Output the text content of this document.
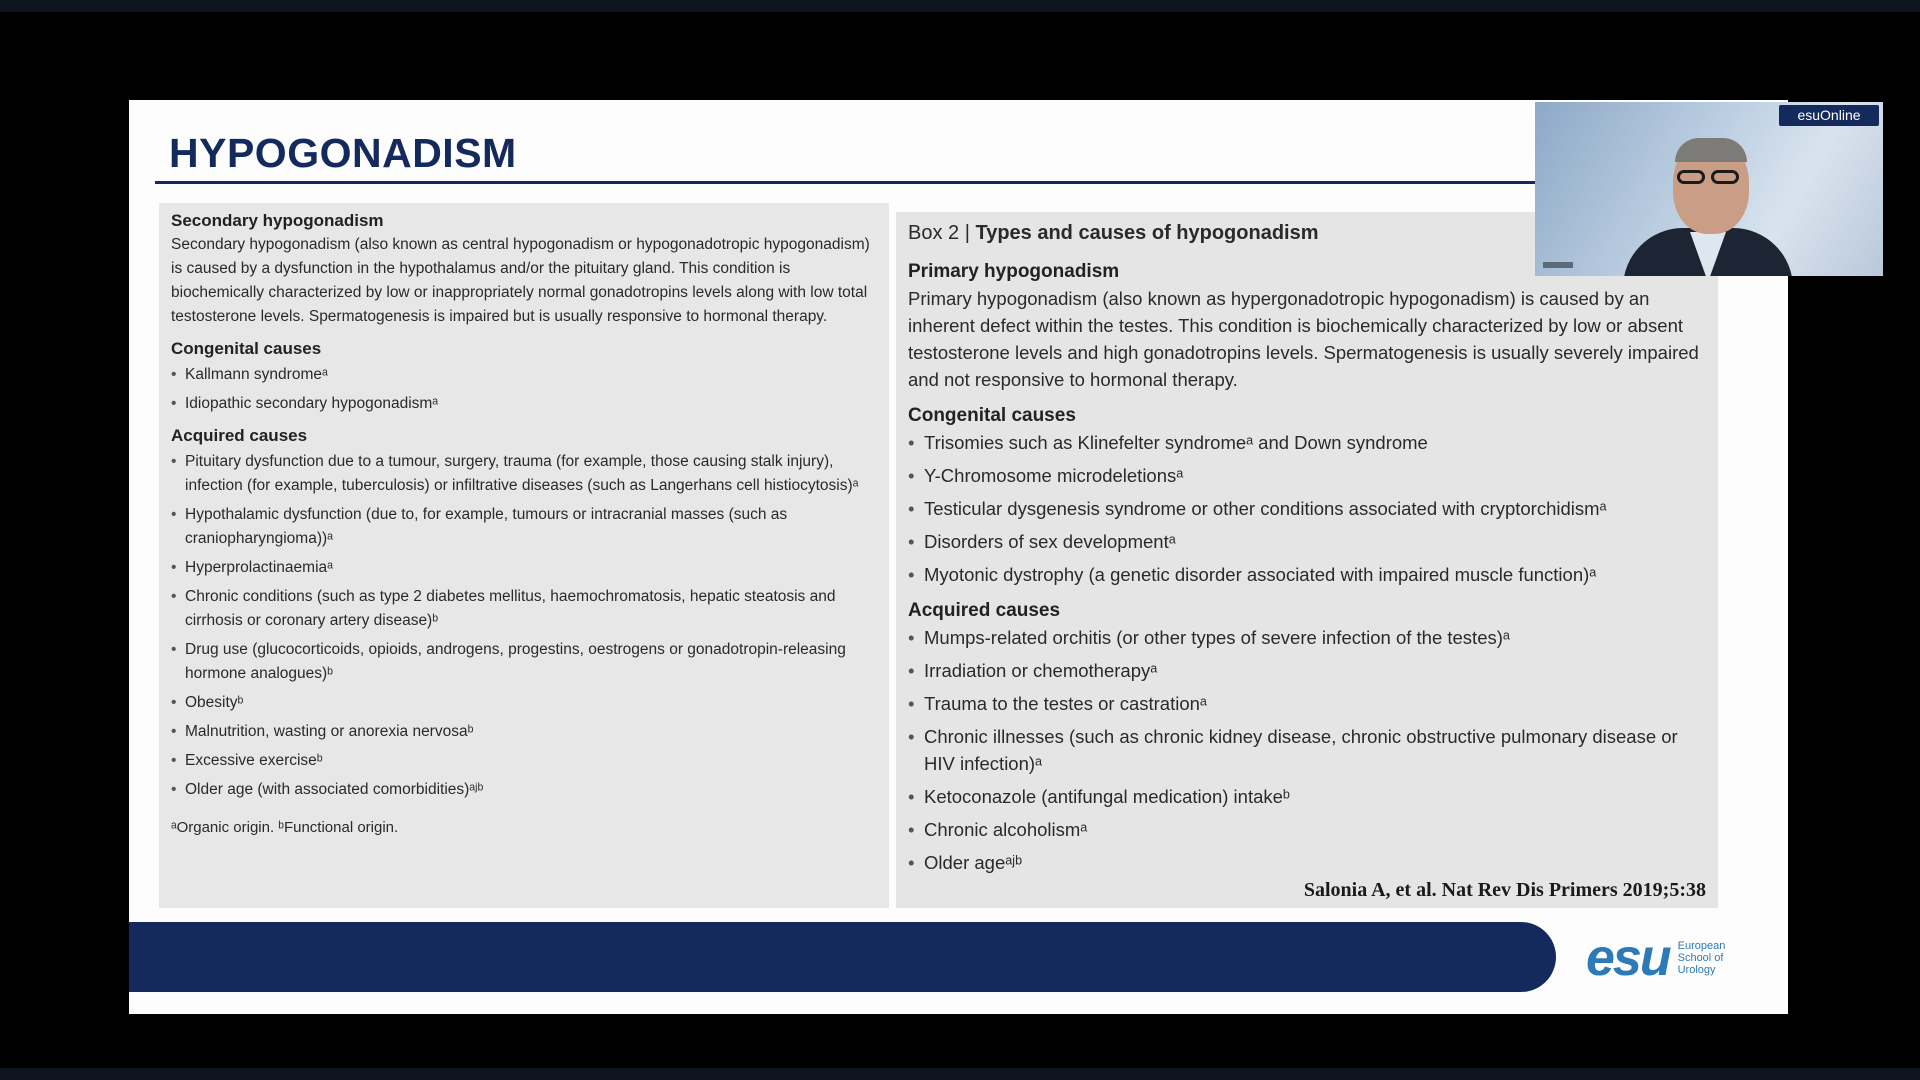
HYPOGONADISM
Secondary hypogonadism

Secondary hypogonadism (also known as central hypogonadism or hypogonadotropic hypogonadism) is caused by a dysfunction in the hypothalamus and/or the pituitary gland. This condition is biochemically characterized by low or inappropriately normal gonadotropins levels along with low total testosterone levels. Spermatogenesis is impaired but is usually responsive to hormonal therapy.

Congenital causes
• Kallmann syndromeᵃ
• Idiopathic secondary hypogonadismᵃ
Acquired causes
• Pituitary dysfunction due to a tumour, surgery, trauma (for example, those causing stalk injury), infection (for example, tuberculosis) or infiltrative diseases (such as Langerhans cell histiocytosis)ᵃ
• Hypothalamic dysfunction (due to, for example, tumours or intracranial masses (such as craniopharyngioma))ᵃ
• Hyperprolactinaemiaᵃ
• Chronic conditions (such as type 2 diabetes mellitus, haemochromatosis, hepatic steatosis and cirrhosis or coronary artery disease)ᵇ
• Drug use (glucocorticoids, opioids, androgens, progestins, oestrogens or gonadotropin-releasing hormone analogues)ᵇ
• Obesityᵇ
• Malnutrition, wasting or anorexia nervosaᵇ
• Excessive exerciseᵇ
• Older age (with associated comorbidities)ᵃʲᵇ
ᵃOrganic origin. ᵇFunctional origin.
Box 2 | Types and causes of hypogonadism
Primary hypogonadism

Primary hypogonadism (also known as hypergonadotropic hypogonadism) is caused by an inherent defect within the testes. This condition is biochemically characterized by low or absent testosterone levels and high gonadotropins levels. Spermatogenesis is usually severely impaired and not responsive to hormonal therapy.

Congenital causes
• Trisomies such as Klinefelter syndromeᵃ and Down syndrome
• Y-Chromosome microdeletionsᵃ
• Testicular dysgenesis syndrome or other conditions associated with cryptorchidismᵃ
• Disorders of sex developmentᵃ
• Myotonic dystrophy (a genetic disorder associated with impaired muscle function)ᵃ
Acquired causes
• Mumps-related orchitis (or other types of severe infection of the testes)ᵃ
• Irradiation or chemotherapyᵃ
• Trauma to the testes or castrationᵃ
• Chronic illnesses (such as chronic kidney disease, chronic obstructive pulmonary disease or HIV infection)ᵃ
• Ketoconazole (antifungal medication) intakeᵇ
• Chronic alcoholismᵃ
• Older ageᵃʲᵇ
Salonia A, et al. Nat Rev Dis Primers 2019;5:38
esu European
School of
Urology
esuOnline
